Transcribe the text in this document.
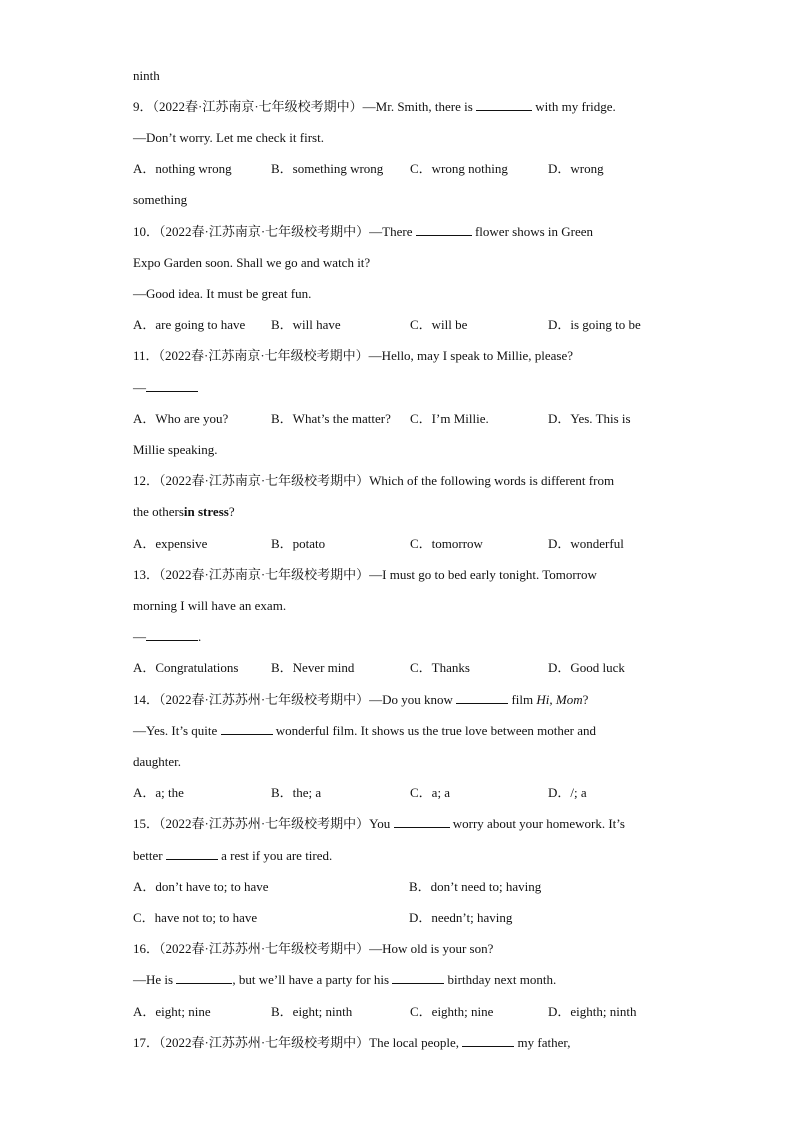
ninth
9．（2022春·江苏南京·七年级校考期中）—Mr. Smith, there is	with my fridge.
—Don’t worry. Let me check it first.
A．nothing wrong	B．something wrong C．wrong nothing	D．wrong
something
10．（2022春·江苏南京·七年级校考期中）—There	flower shows in Green
Expo Garden soon. Shall we go and watch it?
—Good idea. It must be great fun.
A．are going to have B．will have	C．will be	D．is going to be
11．（2022春·江苏南京·七年级校考期中）—Hello, may I speak to Millie, please?
—
A．Who are you?	B．What’s the matter? C．I’m Millie.	D．Yes. This is
Millie speaking.
12．（2022春·江苏南京·七年级校考期中）Which of the following words is different from
the othersin stress?
A．expensive	B．potato	C．tomorrow	D．wonderful
13．（2022春·江苏南京·七年级校考期中）—I must go to bed early tonight. Tomorrow
morning I will have an exam.
—	.
A．Congratulations	B．Never mind	C．Thanks	D．Good luck
14．（2022春·江苏苏州·七年级校考期中）—Do you know	film Hi, Mom?
—Yes. It’s quite	wonderful film. It shows us the true love between mother and
daughter.
A．a; the	B．the; a	C．a; a	D．/; a
15．（2022春·江苏苏州·七年级校考期中）You	worry about your homework. It’s
better	a rest if you are tired.
A．don’t have to; to have	B．don’t need to; having
C．have not to; to have	D．needn’t; having
16．（2022春·江苏苏州·七年级校考期中）—How old is your son?
—He is	, but we’ll have a party for his	birthday next month.
A．eight; nine	B．eight; ninth	C．eighth; nine	D．eighth; ninth
17．（2022春·江苏苏州·七年级校考期中）The local people,	my father,
